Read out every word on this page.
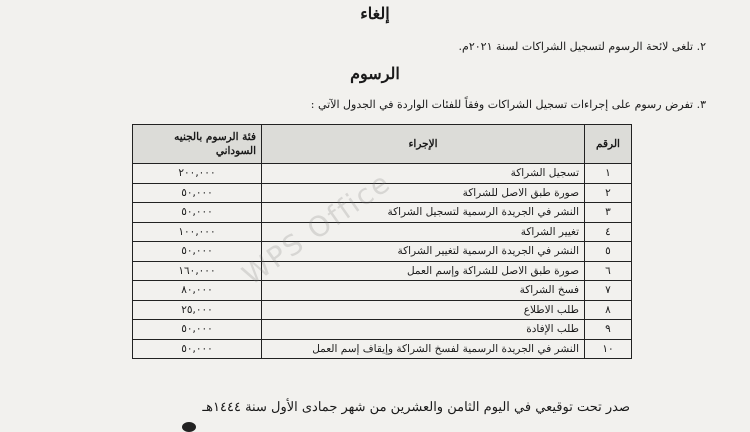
إلغاء
٢. تلغى لائحة الرسوم لتسجيل الشراكات لسنة ٢٠٢١م.
الرسوم
٣. تفرض رسوم على إجراءات تسجيل الشراكات وفقاً للفئات الواردة في الجدول الآتي :
الرقم	الإجراء	فئة الرسوم بالجنيه السوداني
١	تسجيل الشراكة	٢٠٠,٠٠٠
٢	صورة طبق الاصل للشراكة	٥٠,٠٠٠
٣	النشر في الجريدة الرسمية لتسجيل الشراكة	٥٠,٠٠٠
٤	تغيير الشراكة	١٠٠,٠٠٠
٥	النشر في الجريدة الرسمية لتغيير الشراكة	٥٠,٠٠٠
٦	صورة طبق الاصل للشراكة وإسم العمل	١٦٠,٠٠٠
٧	فسخ الشراكة	٨٠,٠٠٠
٨	طلب الاطلاع	٢٥,٠٠٠
٩	طلب الإفادة	٥٠,٠٠٠
١٠	النشر في الجريدة الرسمية لفسخ الشراكة وإيقاف إسم العمل	٥٠,٠٠٠
WPS Office
صدر تحت توقيعي في اليوم الثامن والعشرين من شهر جمادى الأول سنة ١٤٤٤هـ
